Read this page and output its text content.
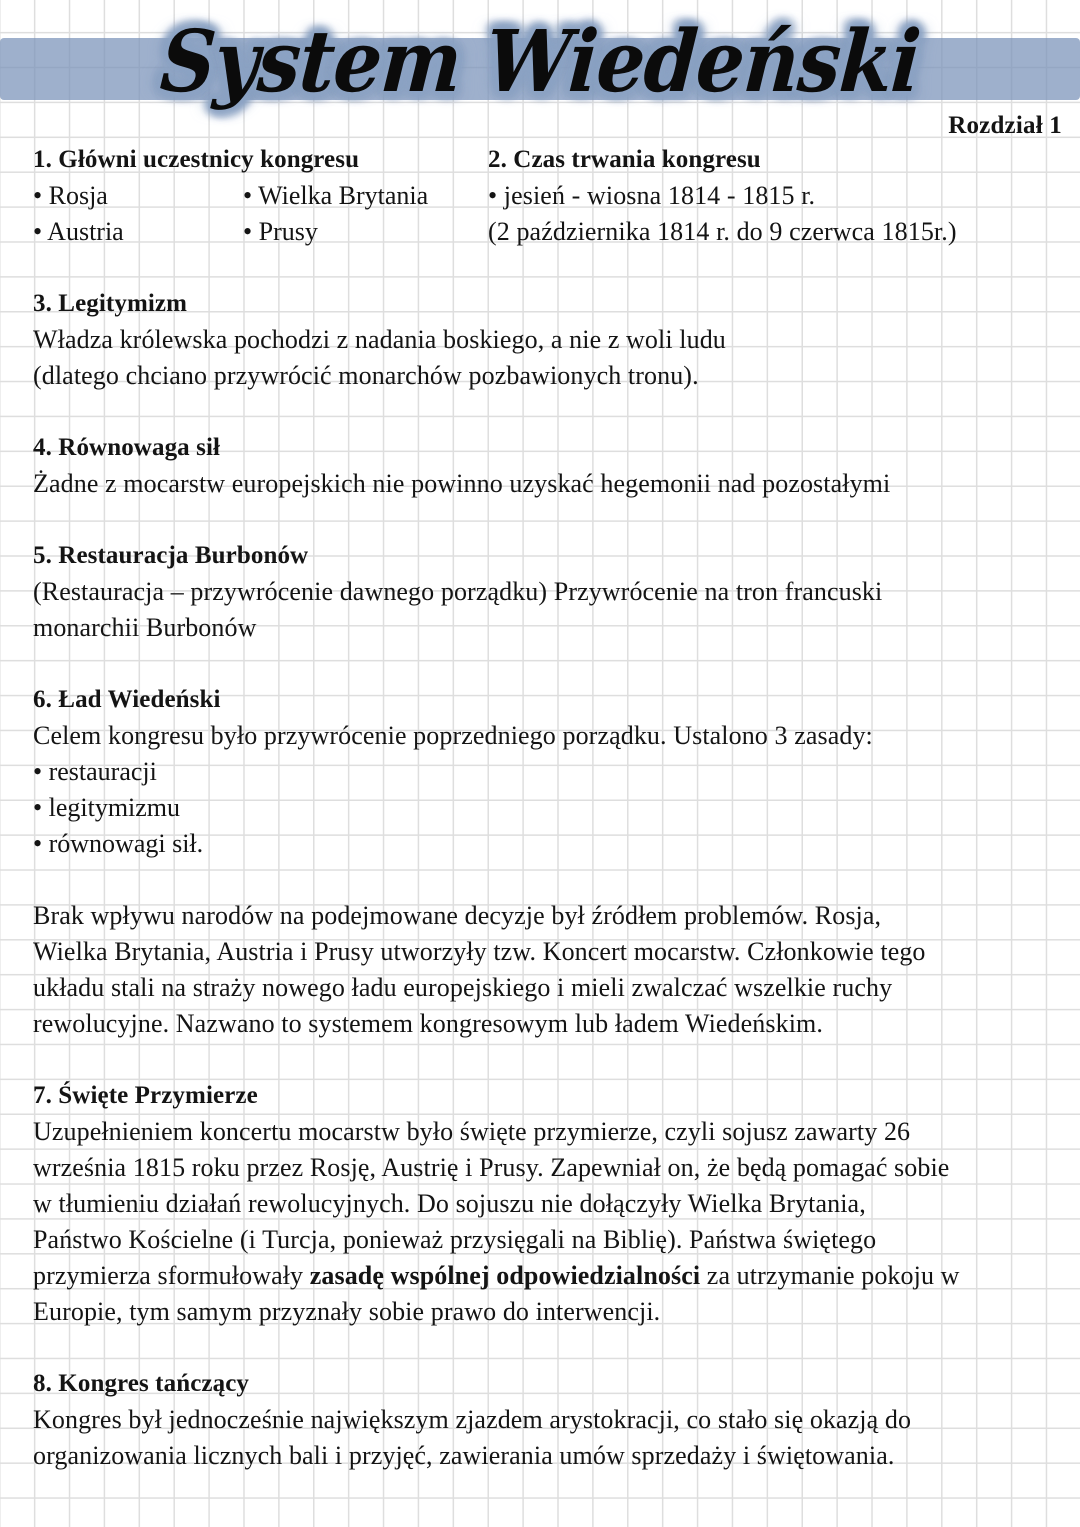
System Wiedeński
Rozdział 1
1. Główni uczestnicy kongresu
• Rosja	• Wielka Brytania
• Austria	• Prusy
2. Czas trwania kongresu
• jesień - wiosna 1814 - 1815 r.
(2 października 1814 r. do 9 czerwca 1815r.)
3. Legitymizm
Władza królewska pochodzi z nadania boskiego, a nie z woli ludu
(dlatego chciano przywrócić monarchów pozbawionych tronu).
4. Równowaga sił
Żadne z mocarstw europejskich nie powinno uzyskać hegemonii nad pozostałymi
5. Restauracja Burbonów
(Restauracja – przywrócenie dawnego porządku) Przywrócenie na tron francuski
monarchii Burbonów
6. Ład Wiedeński
Celem kongresu było przywrócenie poprzedniego porządku. Ustalono 3 zasady:
• restauracji
• legitymizmu
• równowagi sił.
Brak wpływu narodów na podejmowane decyzje był źródłem problemów. Rosja,
Wielka Brytania, Austria i Prusy utworzyły tzw. Koncert mocarstw. Członkowie tego
układu stali na straży nowego ładu europejskiego i mieli zwalczać wszelkie ruchy
rewolucyjne. Nazwano to systemem kongresowym lub ładem Wiedeńskim.
7. Święte Przymierze
Uzupełnieniem koncertu mocarstw było święte przymierze, czyli sojusz zawarty 26
września 1815 roku przez Rosję, Austrię i Prusy. Zapewniał on, że będą pomagać sobie
w tłumieniu działań rewolucyjnych. Do sojuszu nie dołączyły Wielka Brytania,
Państwo Kościelne (i Turcja, ponieważ przysięgali na Biblię). Państwa świętego
przymierza sformułowały zasadę wspólnej odpowiedzialności za utrzymanie pokoju w
Europie, tym samym przyznały sobie prawo do interwencji.
8. Kongres tańczący
Kongres był jednocześnie największym zjazdem arystokracji, co stało się okazją do
organizowania licznych bali i przyjęć, zawierania umów sprzedaży i świętowania.
